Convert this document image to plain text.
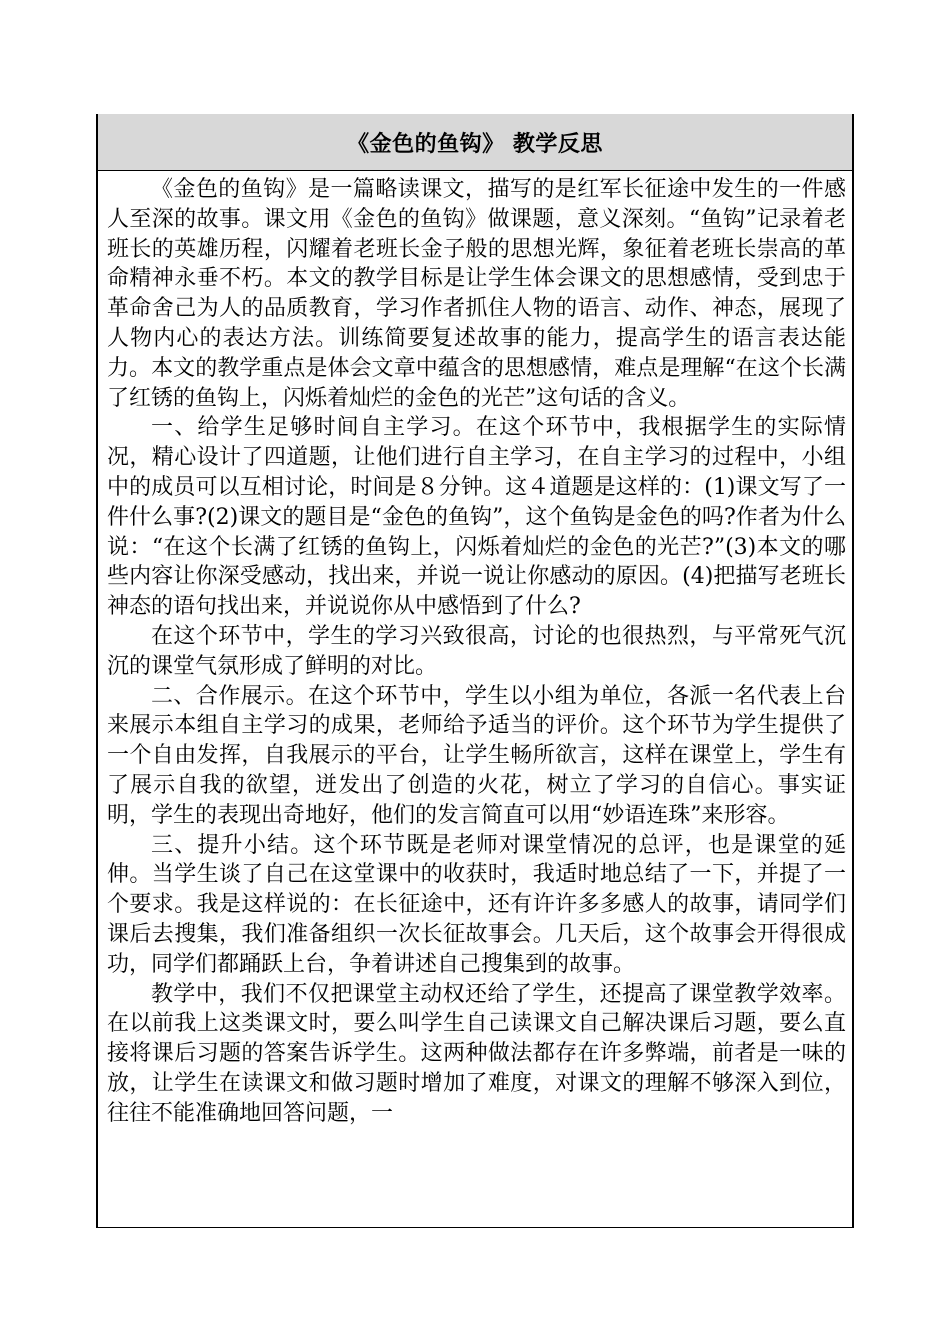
《金色的鱼钩》 教学反思

《金色的鱼钩》是一篇略读课文，描写的是红军长征途中发生的一件感人至深的故事。课文用《金色的鱼钩》做课题，意义深刻。“鱼钩”记录着老班长的英雄历程，闪耀着老班长金子般的思想光辉，象征着老班长崇高的革命精神永垂不朽。本文的教学目标是让学生体会课文的思想感情，受到忠于革命舍己为人的品质教育，学习作者抓住人物的语言、动作、神态，展现了人物内心的表达方法。训练简要复述故事的能力，提高学生的语言表达能力。本文的教学重点是体会文章中蕴含的思想感情，难点是理解“在这个长满了红锈的鱼钩上，闪烁着灿烂的金色的光芒”这句话的含义。

一、给学生足够时间自主学习。在这个环节中，我根据学生的实际情况，精心设计了四道题，让他们进行自主学习，在自主学习的过程中，小组中的成员可以互相讨论，时间是８分钟。这４道题是这样的：(1)课文写了一件什么事?(2)课文的题目是“金色的鱼钩”，这个鱼钩是金色的吗?作者为什么说：“在这个长满了红锈的鱼钩上，闪烁着灿烂的金色的光芒?”(3)本文的哪些内容让你深受感动，找出来，并说一说让你感动的原因。(4)把描写老班长神态的语句找出来，并说说你从中感悟到了什么?

在这个环节中，学生的学习兴致很高，讨论的也很热烈，与平常死气沉沉的课堂气氛形成了鲜明的对比。

二、合作展示。在这个环节中，学生以小组为单位，各派一名代表上台来展示本组自主学习的成果，老师给予适当的评价。这个环节为学生提供了一个自由发挥，自我展示的平台，让学生畅所欲言，这样在课堂上，学生有了展示自我的欲望，迸发出了创造的火花，树立了学习的自信心。事实证明，学生的表现出奇地好，他们的发言简直可以用“妙语连珠”来形容。

三、提升小结。这个环节既是老师对课堂情况的总评，也是课堂的延伸。当学生谈了自己在这堂课中的收获时，我适时地总结了一下，并提了一个要求。我是这样说的：在长征途中，还有许许多多感人的故事，请同学们课后去搜集，我们准备组织一次长征故事会。几天后，这个故事会开得很成功，同学们都踊跃上台，争着讲述自己搜集到的故事。

教学中，我们不仅把课堂主动权还给了学生，还提高了课堂教学效率。在以前我上这类课文时，要么叫学生自己读课文自己解决课后习题，要么直接将课后习题的答案告诉学生。这两种做法都存在许多弊端，前者是一味的放，让学生在读课文和做习题时增加了难度，对课文的理解不够深入到位，往往不能准确地回答问题，一
